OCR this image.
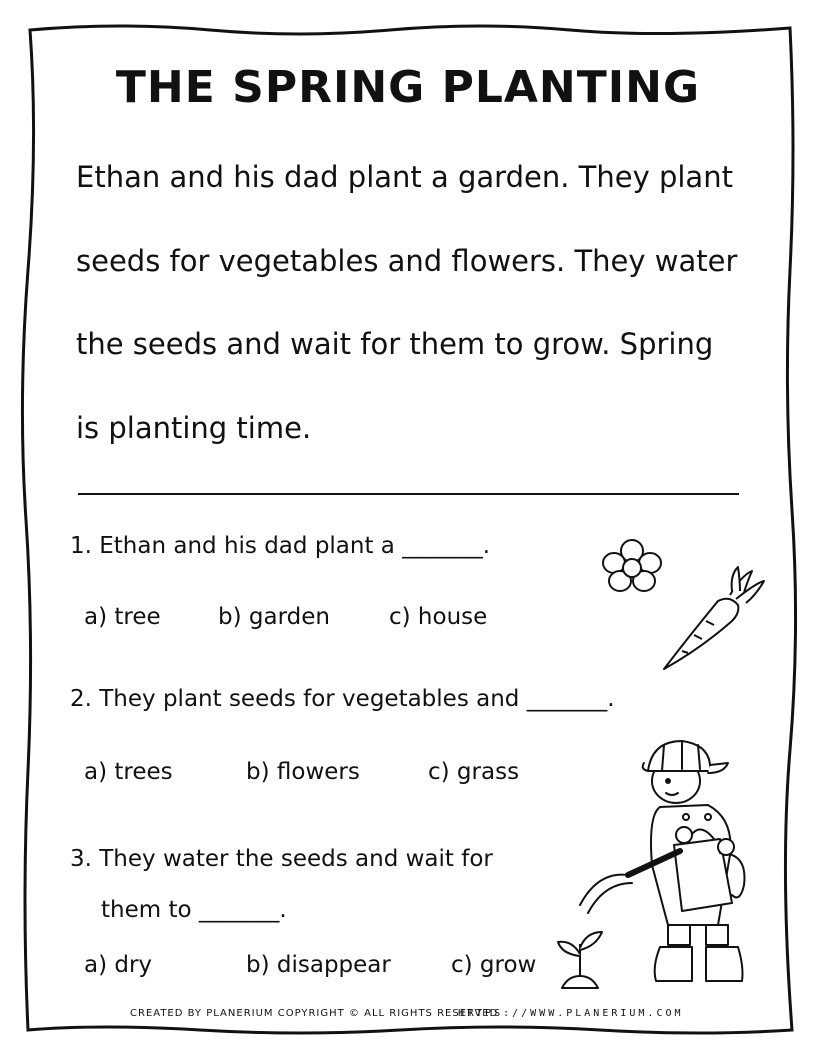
THE SPRING PLANTING
Ethan and his dad plant a garden. They plant
seeds for vegetables and flowers. They water
the seeds and wait for them to grow. Spring
is planting time.
1. Ethan and his dad plant a _______.
a) tree b) garden	c) house
2. They plant seeds for vegetables and _______.
a) trees	b) flowers	c) grass
3. They water the seeds and wait for
them to _______.
a) dry	b) disappear	c) grow
CREATED BY PLANERIUM COPYRIGHT © ALL RIGHTS RESERVED
HTTPS://WWW.PLANERIUM.COM
